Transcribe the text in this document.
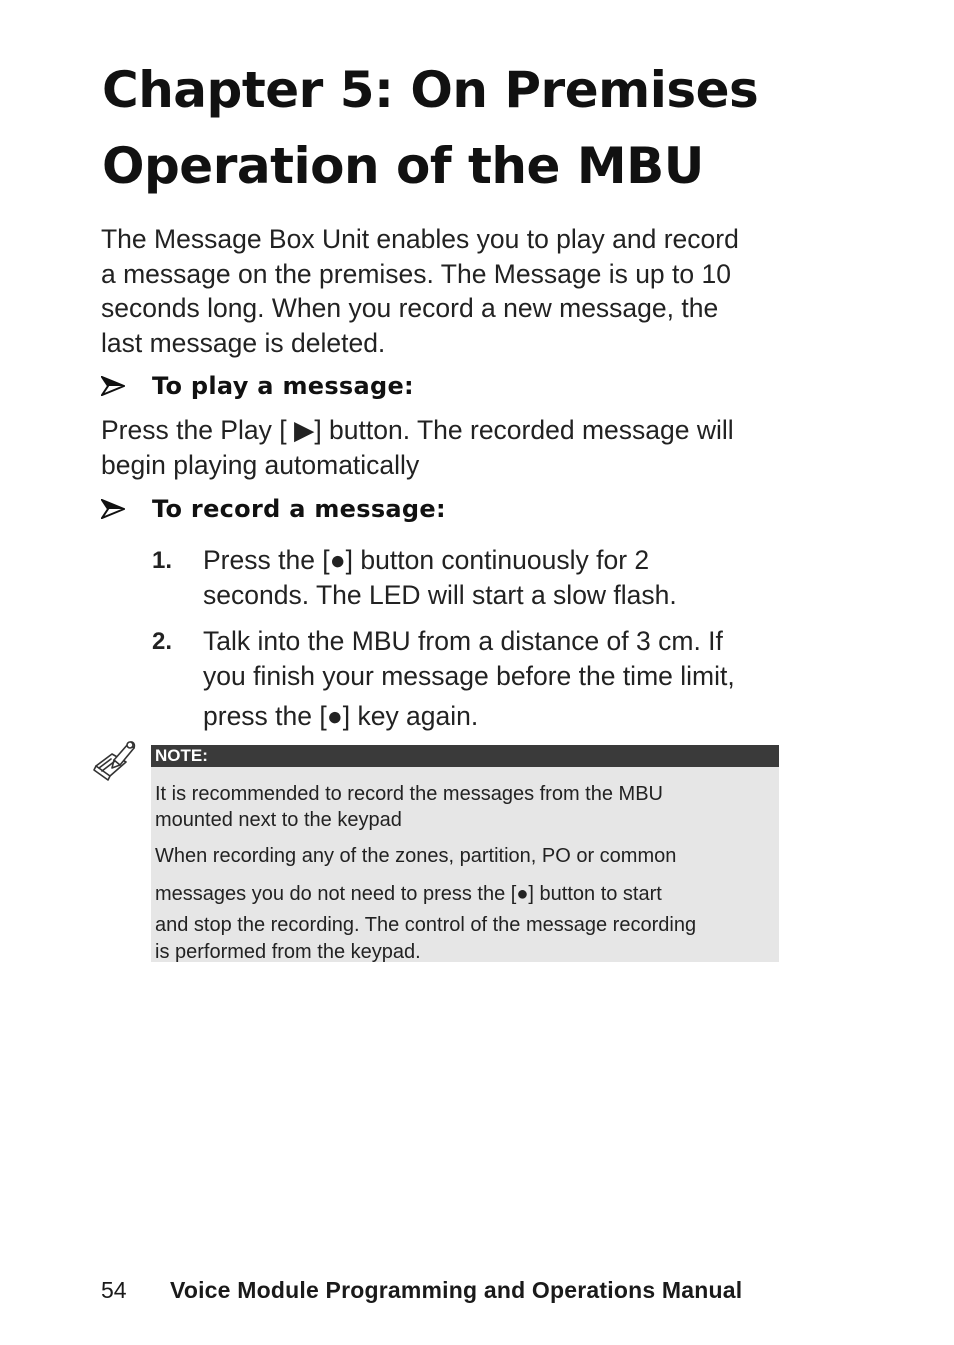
Chapter 5: On Premises
Operation of the MBU

The Message Box Unit enables you to play and record
a message on the premises. The Message is up to 10
seconds long. When you record a new message, the
last message is deleted.

To play a message:

Press the Play [ ▶] button. The recorded message will
begin playing automatically

To record a message:
1. Press the [●] button continuously for 2
seconds. The LED will start a slow flash.
2. Talk into the MBU from a distance of 3 cm. If
you finish your message before the time limit,
press the [●] key again.
NOTE:
It is recommended to record the messages from the MBU
mounted next to the keypad
When recording any of the zones, partition, PO or common
messages you do not need to press the [●] button to start
and stop the recording. The control of the message recording
is performed from the keypad.
54 Voice Module Programming and Operations Manual
